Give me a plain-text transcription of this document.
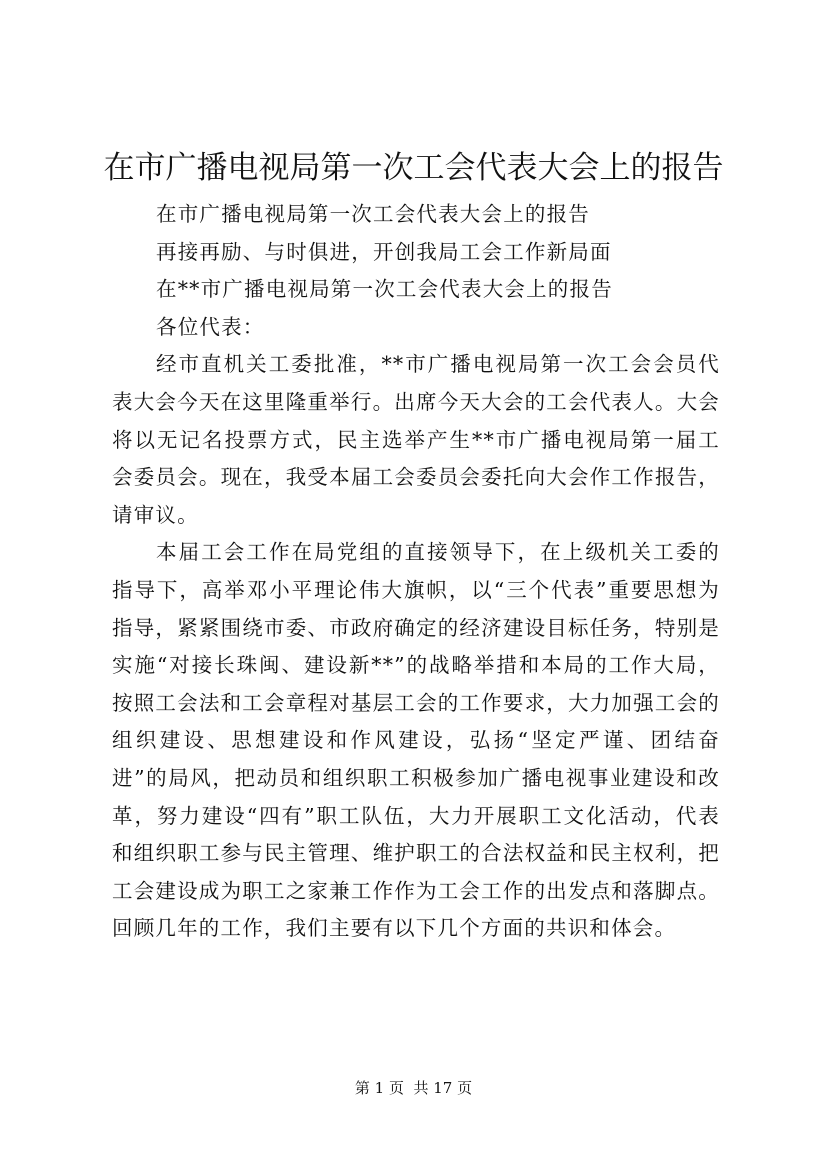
在市广播电视局第一次工会代表大会上的报告

在市广播电视局第一次工会代表大会上的报告

再接再励、与时俱进，开创我局工会工作新局面

在**市广播电视局第一次工会代表大会上的报告

各位代表：

经市直机关工委批准，**市广播电视局第一次工会会员代表大会今天在这里隆重举行。出席今天大会的工会代表人。大会将以无记名投票方式，民主选举产生**市广播电视局第一届工会委员会。现在，我受本届工会委员会委托向大会作工作报告，请审议。

本届工会工作在局党组的直接领导下，在上级机关工委的指导下，高举邓小平理论伟大旗帜，以“三个代表”重要思想为指导，紧紧围绕市委、市政府确定的经济建设目标任务，特别是实施“对接长珠闽、建设新**”的战略举措和本局的工作大局，按照工会法和工会章程对基层工会的工作要求，大力加强工会的组织建设、思想建设和作风建设，弘扬“坚定严谨、团结奋进”的局风，把动员和组织职工积极参加广播电视事业建设和改革，努力建设“四有”职工队伍，大力开展职工文化活动，代表和组织职工参与民主管理、维护职工的合法权益和民主权利，把工会建设成为职工之家兼工作作为工会工作的出发点和落脚点。回顾几年的工作，我们主要有以下几个方面的共识和体会。

第 1 页  共 17 页
